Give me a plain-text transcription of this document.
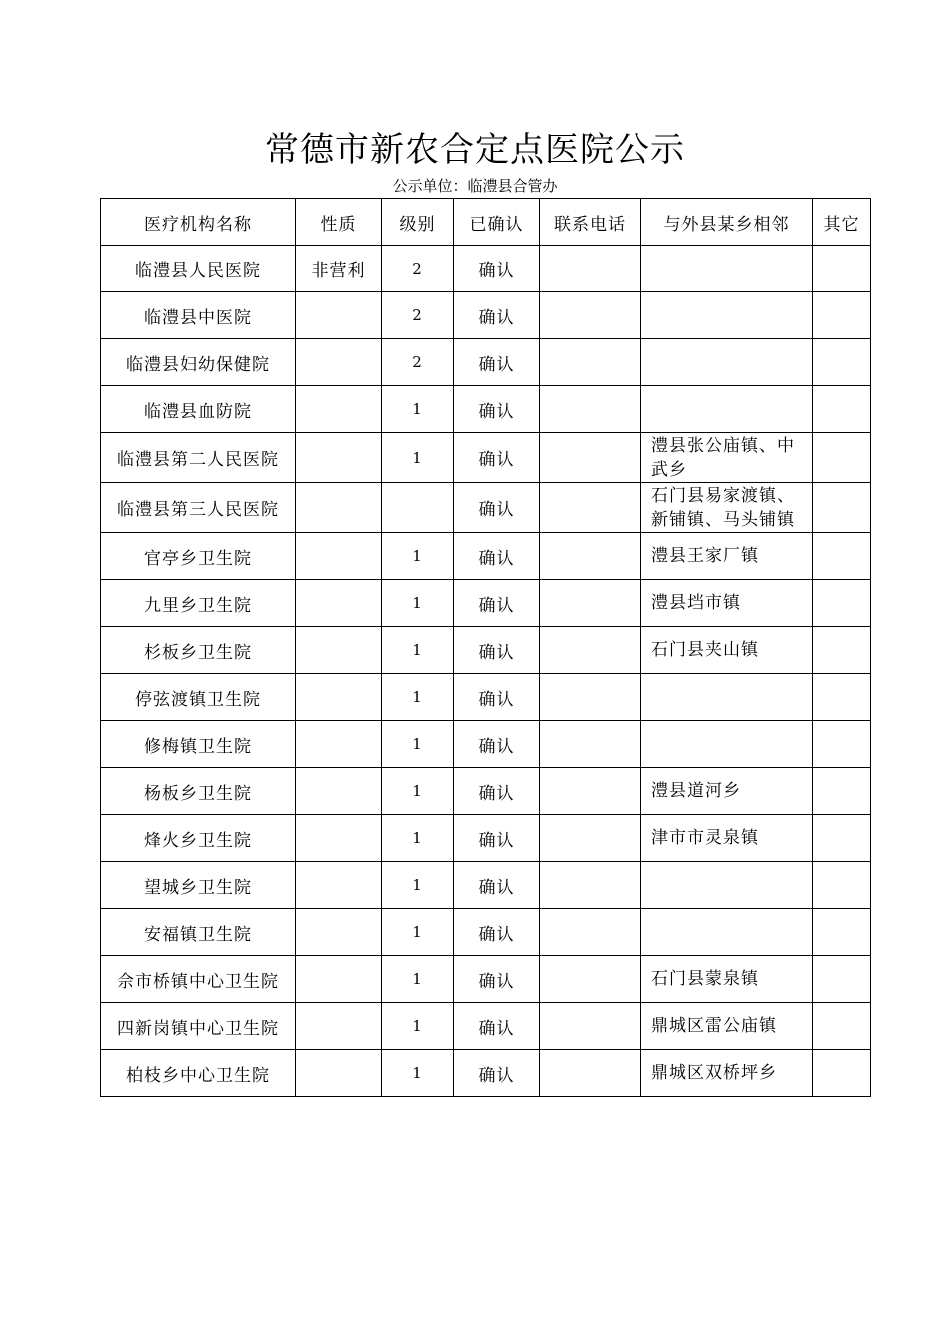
常德市新农合定点医院公示
公示单位：临澧县合管办
医疗机构名称	性质	级别	已确认	联系电话	与外县某乡相邻	其它
临澧县人民医院	非营利	2	确认			
临澧县中医院		2	确认			
临澧县妇幼保健院		2	确认			
临澧县血防院		1	确认			
临澧县第二人民医院		1	确认		澧县张公庙镇、中武乡	
临澧县第三人民医院			确认		石门县易家渡镇、新铺镇、马头铺镇	
官亭乡卫生院		1	确认		澧县王家厂镇	
九里乡卫生院		1	确认		澧县垱市镇	
杉板乡卫生院		1	确认		石门县夹山镇	
停弦渡镇卫生院		1	确认			
修梅镇卫生院		1	确认			
杨板乡卫生院		1	确认		澧县道河乡	
烽火乡卫生院		1	确认		津市市灵泉镇	
望城乡卫生院		1	确认			
安福镇卫生院		1	确认			
佘市桥镇中心卫生院		1	确认		石门县蒙泉镇	
四新岗镇中心卫生院		1	确认		鼎城区雷公庙镇	
柏枝乡中心卫生院		1	确认		鼎城区双桥坪乡	
